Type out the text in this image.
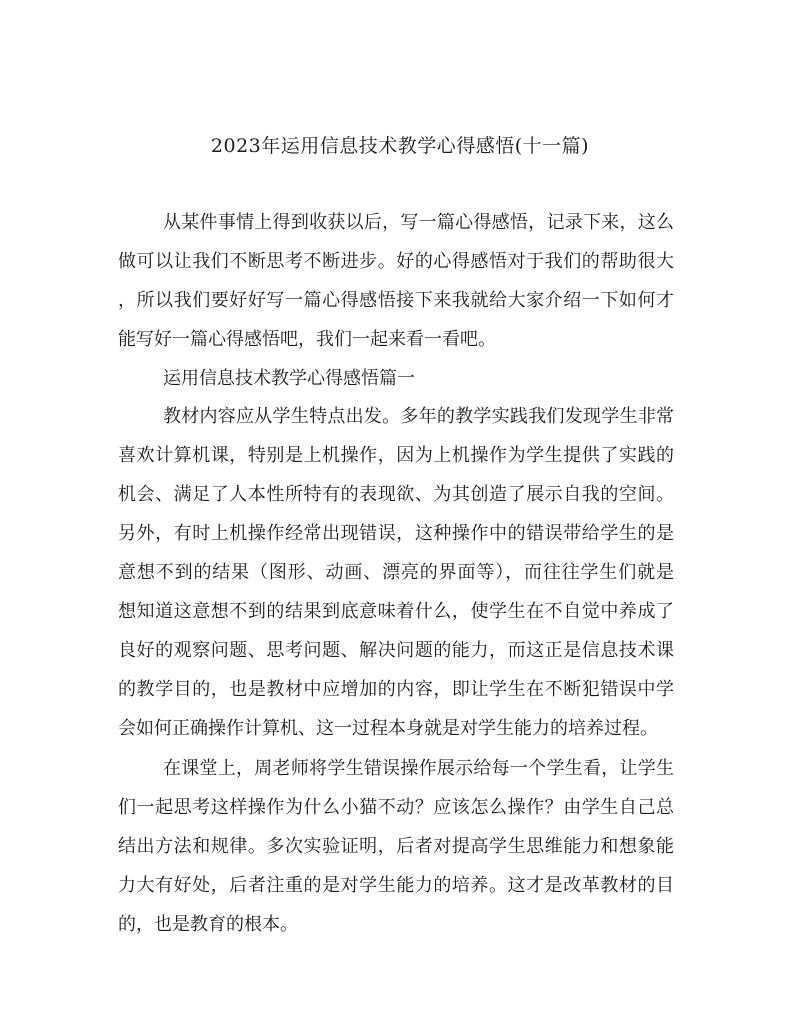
2023年运用信息技术教学心得感悟(十一篇)
从某件事情上得到收获以后，写一篇心得感悟，记录下来，这么
做可以让我们不断思考不断进步。好的心得感悟对于我们的帮助很大
，所以我们要好好写一篇心得感悟接下来我就给大家介绍一下如何才
能写好一篇心得感悟吧，我们一起来看一看吧。
运用信息技术教学心得感悟篇一
教材内容应从学生特点出发。多年的教学实践我们发现学生非常
喜欢计算机课，特别是上机操作，因为上机操作为学生提供了实践的
机会、满足了人本性所特有的表现欲、为其创造了展示自我的空间。
另外，有时上机操作经常出现错误，这种操作中的错误带给学生的是
意想不到的结果（图形、动画、漂亮的界面等），而往往学生们就是
想知道这意想不到的结果到底意味着什么，使学生在不自觉中养成了
良好的观察问题、思考问题、解决问题的能力，而这正是信息技术课
的教学目的，也是教材中应增加的内容，即让学生在不断犯错误中学
会如何正确操作计算机、这一过程本身就是对学生能力的培养过程。
在课堂上，周老师将学生错误操作展示给每一个学生看，让学生
们一起思考这样操作为什么小猫不动？应该怎么操作？由学生自己总
结出方法和规律。多次实验证明，后者对提高学生思维能力和想象能
力大有好处，后者注重的是对学生能力的培养。这才是改革教材的目
的，也是教育的根本。
